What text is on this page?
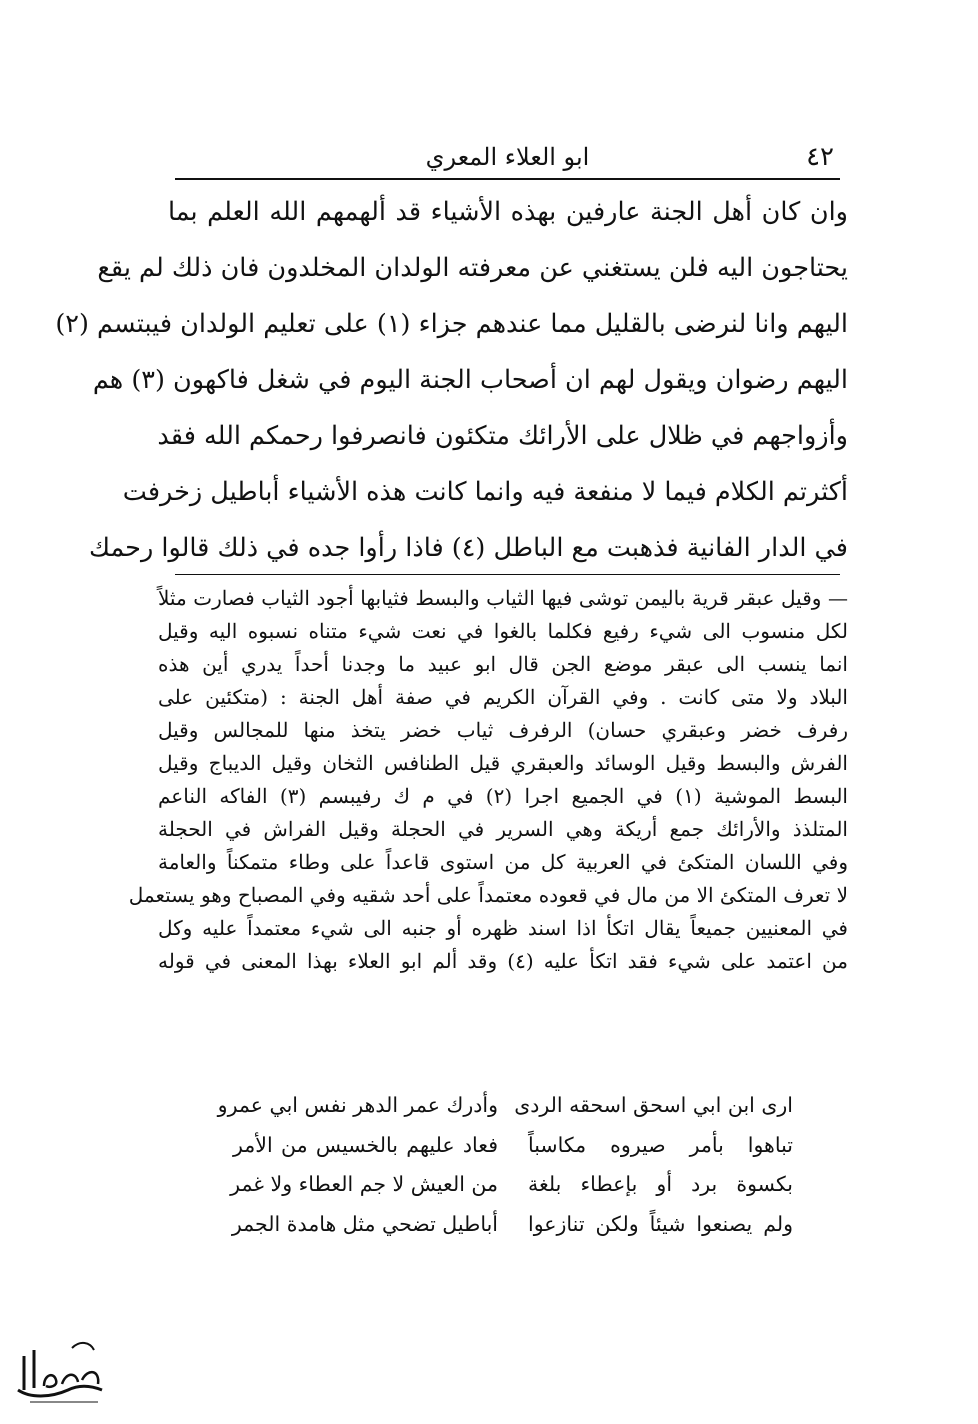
٤٢
ابو العلاء المعري
وان كان أهل الجنة عارفين بهذه الأشياء قد ألهمهم الله العلم بما
يحتاجون اليه فلن يستغني عن معرفته الولدان المخلدون فان ذلك لم يقع
اليهم وانا لنرضى بالقليل مما عندهم جزاء (١) على تعليم الولدان فيبتسم (٢)
اليهم رضوان ويقول لهم ان أصحاب الجنة اليوم في شغل فاكهون (٣) هم
وأزواجهم في ظلال على الأرائك متكئون فانصرفوا رحمكم الله فقد
أكثرتم الكلام فيما لا منفعة فيه وانما كانت هذه الأشياء أباطيل زخرفت
في الدار الفانية فذهبت مع الباطل (٤) فاذا رأوا جده في ذلك قالوا رحمك
— وقيل عبقر قرية باليمن توشى فيها الثياب والبسط فثيابها أجود الثياب فصارت مثلاً
لكل منسوب الى شيء رفيع فكلما بالغوا في نعت شيء متناه نسبوه اليه وقيل
انما ينسب الى عبقر موضع الجن قال ابو عبيد ما وجدنا أحداً يدري أين هذه
البلاد ولا متى كانت . وفي القرآن الكريم في صفة أهل الجنة : (متكئين على
رفرف خضر وعبقري حسان) الرفرف ثياب خضر يتخذ منها للمجالس وقيل
الفرش والبسط وقيل الوسائد والعبقري قيل الطنافس الثخان وقيل الديباج وقيل
البسط الموشية (١) في الجميع اجرا (٢) في م ك رفيبسم (٣) الفاكه الناعم
المتلذذ والأرائك جمع أريكة وهي السرير في الحجلة وقيل الفراش في الحجلة
وفي اللسان المتكئ في العربية كل من استوى قاعداً على وطاء متمكناً والعامة
لا تعرف المتكئ الا من مال في قعوده معتمداً على أحد شقيه وفي المصباح وهو يستعمل
في المعنيين جميعاً يقال اتكأ اذا اسند ظهره أو جنبه الى شيء معتمداً عليه وكل
من اعتمد على شيء فقد اتكأ عليه (٤) وقد ألم ابو العلاء بهذا المعنى في قوله
ارى ابن ابي اسحق اسحقه الردى
وأدرك عمر الدهر نفس ابي عمرو
تباهوا بأمر صيروه مكاسباً
فعاد عليهم بالخسيس من الأمر
بكسوة برد أو بإعطاء بلغة
من العيش لا جم العطاء ولا غمر
ولم يصنعوا شيئاً ولكن تنازعوا
أباطيل تضحي مثل هامدة الجمر
